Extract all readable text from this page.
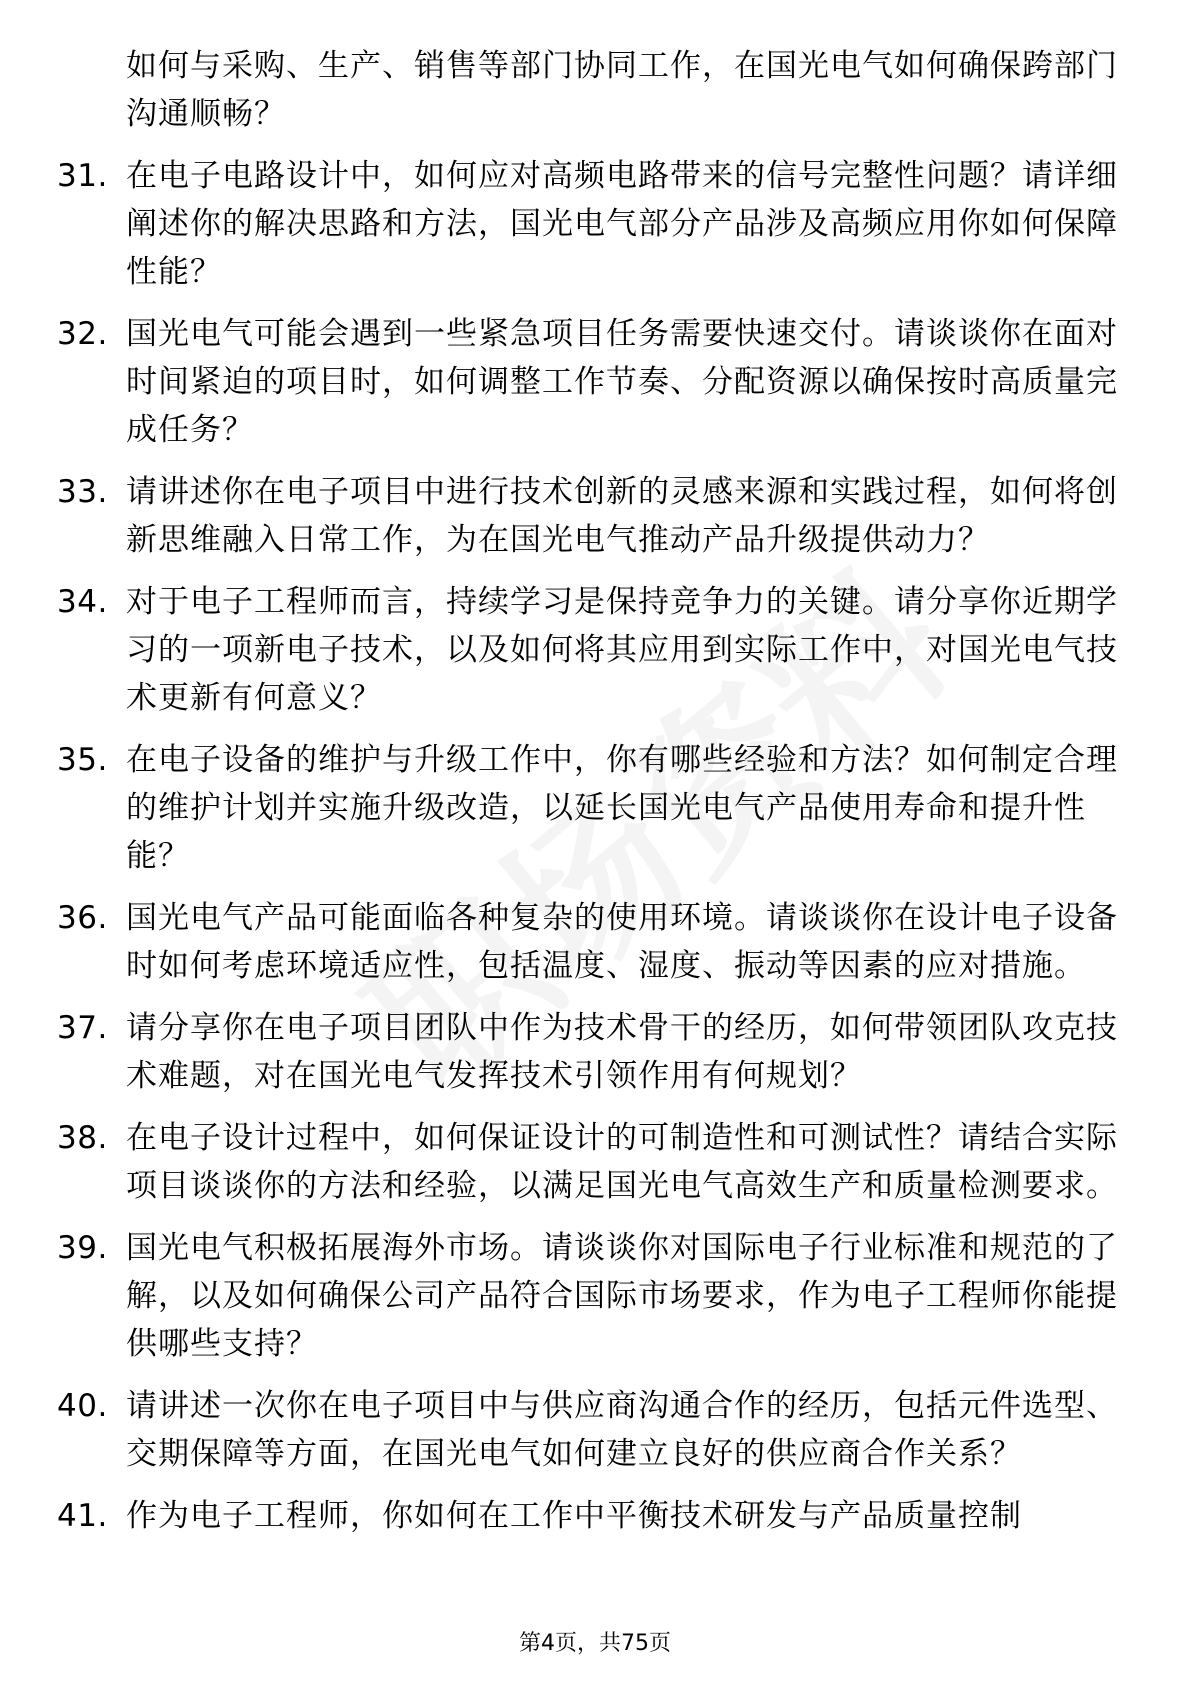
如何与采购、生产、销售等部门协同工作，在国光电气如何确保跨部门沟通顺畅？
31. 在电子电路设计中，如何应对高频电路带来的信号完整性问题？请详细阐述你的解决思路和方法，国光电气部分产品涉及高频应用你如何保障性能？
32. 国光电气可能会遇到一些紧急项目任务需要快速交付。请谈谈你在面对时间紧迫的项目时，如何调整工作节奏、分配资源以确保按时高质量完成任务？
33. 请讲述你在电子项目中进行技术创新的灵感来源和实践过程，如何将创新思维融入日常工作，为在国光电气推动产品升级提供动力？
34. 对于电子工程师而言，持续学习是保持竞争力的关键。请分享你近期学习的一项新电子技术，以及如何将其应用到实际工作中，对国光电气技术更新有何意义？
35. 在电子设备的维护与升级工作中，你有哪些经验和方法？如何制定合理的维护计划并实施升级改造，以延长国光电气产品使用寿命和提升性能？
36. 国光电气产品可能面临各种复杂的使用环境。请谈谈你在设计电子设备时如何考虑环境适应性，包括温度、湿度、振动等因素的应对措施。
37. 请分享你在电子项目团队中作为技术骨干的经历，如何带领团队攻克技术难题，对在国光电气发挥技术引领作用有何规划？
38. 在电子设计过程中，如何保证设计的可制造性和可测试性？请结合实际项目谈谈你的方法和经验，以满足国光电气高效生产和质量检测要求。
39. 国光电气积极拓展海外市场。请谈谈你对国际电子行业标准和规范的了解，以及如何确保公司产品符合国际市场要求，作为电子工程师你能提供哪些支持？
40. 请讲述一次你在电子项目中与供应商沟通合作的经历，包括元件选型、交期保障等方面，在国光电气如何建立良好的供应商合作关系？
41. 作为电子工程师，你如何在工作中平衡技术研发与产品质量控制
第4页，共75页
